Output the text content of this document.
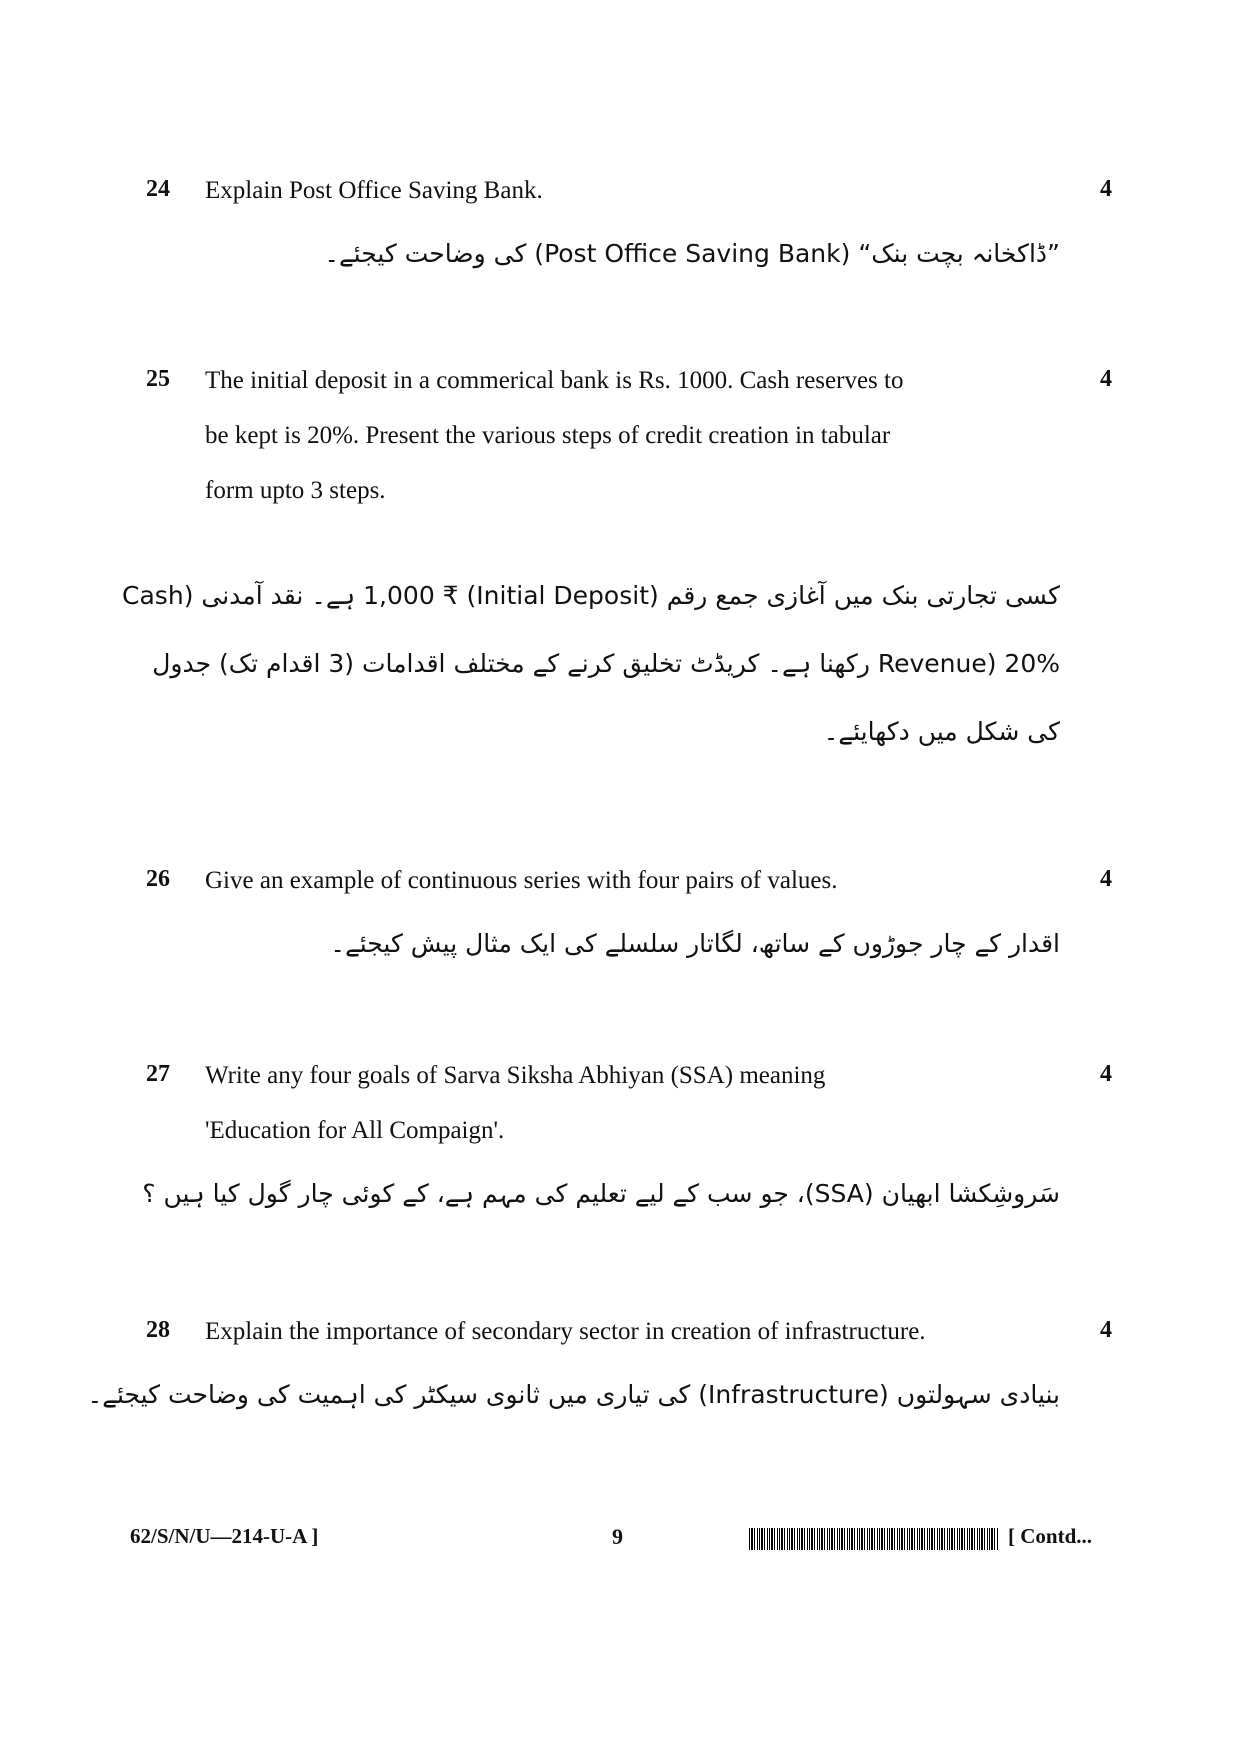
24 Explain Post Office Saving Bank.	4
”ڈاکخانہ بچت بنک“ (Post Office Saving Bank) کی وضاحت کیجئے۔
25 The initial deposit in a commerical bank is Rs. 1000. Cash reserves to
be kept is 20%. Present the various steps of credit creation in tabular
form upto 3 steps.
4
کسی تجارتی بنک میں آغازی جمع رقم (Initial Deposit) ₹ 1,000 ہے۔ نقد آمدنی (Cash
Revenue) 20% رکھنا ہے۔ کریڈٹ تخلیق کرنے کے مختلف اقدامات (3 اقدام تک) جدول
کی شکل میں دکھایئے۔
26 Give an example of continuous series with four pairs of values.	4
اقدار کے چار جوڑوں کے ساتھ، لگاتار سلسلے کی ایک مثال پیش کیجئے۔
27 Write any four goals of Sarva Siksha Abhiyan (SSA) meaning
'Education for All Compaign'.
4
سَروشِکشا ابھیان (SSA)، جو سب کے لیے تعلیم کی مہم ہے، کے کوئی چار گول کیا ہیں ؟
28 Explain the importance of secondary sector in creation of infrastructure.	4
بنیادی سہولتوں (Infrastructure) کی تیاری میں ثانوی سیکٹر کی اہمیت کی وضاحت کیجئے۔
62/S/N/U—214-U-A ]	9	[ Contd...
